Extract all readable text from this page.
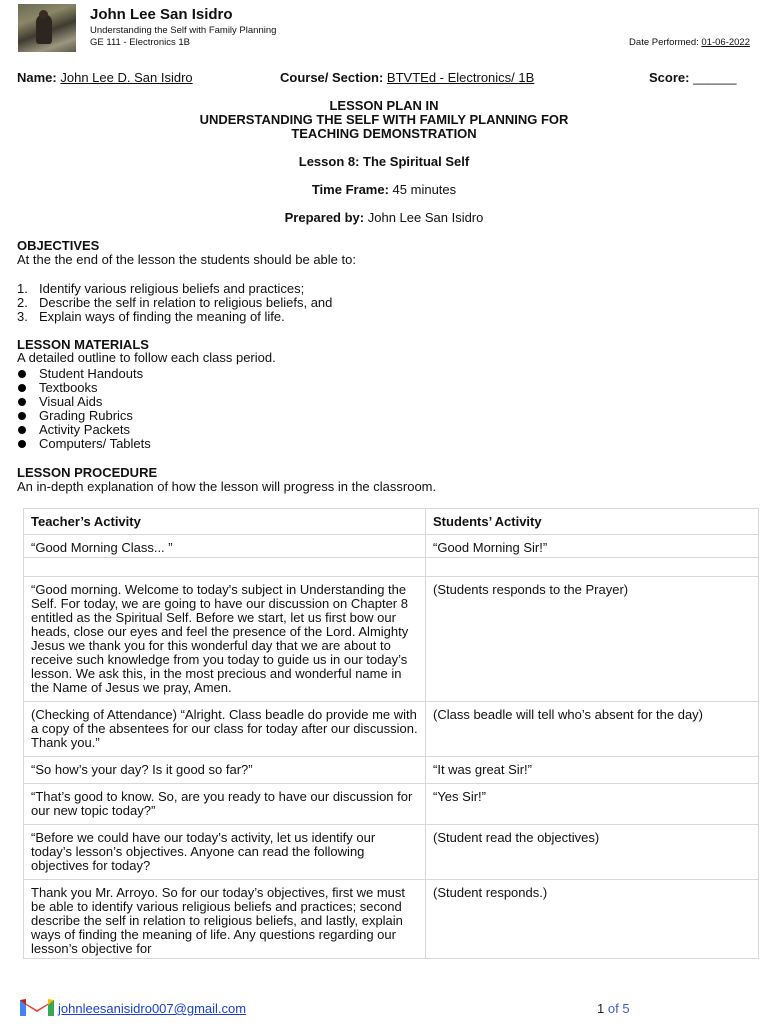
John Lee San Isidro
Understanding the Self with Family Planning
GE 111 - Electronics 1B	Date Performed: 01-06-2022
Name: John Lee D. San Isidro	Course/ Section: BTVTEd - Electronics/ 1B	Score: ______
LESSON PLAN IN
UNDERSTANDING THE SELF WITH FAMILY PLANNING FOR
TEACHING DEMONSTRATION
Lesson 8: The Spiritual Self
Time Frame: 45 minutes
Prepared by: John Lee San Isidro
OBJECTIVES
At the the end of the lesson the students should be able to:
1. Identify various religious beliefs and practices;
2. Describe the self in relation to religious beliefs, and
3. Explain ways of finding the meaning of life.
LESSON MATERIALS
A detailed outline to follow each class period.
Student Handouts
Textbooks
Visual Aids
Grading Rubrics
Activity Packets
Computers/ Tablets
LESSON PROCEDURE
An in-depth explanation of how the lesson will progress in the classroom.
Teacher’s Activity	Students’ Activity
“Good Morning Class... ”	“Good Morning Sir!”

“Good morning. Welcome to today's subject in Understanding the Self. For today, we are going to have our discussion on Chapter 8 entitled as the Spiritual Self. Before we start, let us first bow our heads, close our eyes and feel the presence of the Lord. Almighty Jesus we thank you for this wonderful day that we are about to receive such knowledge from you today to guide us in our today’s lesson. We ask this, in the most precious and wonderful name in the Name of Jesus we pray, Amen.	(Students responds to the Prayer)
(Checking of Attendance) “Alright. Class beadle do provide me with a copy of the absentees for our class for today after our discussion. Thank you.”	(Class beadle will tell who’s absent for the day)
“So how’s your day? Is it good so far?”	“It was great Sir!”
“That’s good to know. So, are you ready to have our discussion for our new topic today?”	“Yes Sir!”
“Before we could have our today’s activity, let us identify our today’s lesson’s objectives. Anyone can read the following objectives for today?	(Student read the objectives)
Thank you Mr. Arroyo. So for our today’s objectives, first we must be able to identify various religious beliefs and practices; second describe the self in relation to religious beliefs, and lastly, explain ways of finding the meaning of life. Any questions regarding our lesson’s objective for	(Student responds.)
johnleesanisidro007@gmail.com	1 of 5
